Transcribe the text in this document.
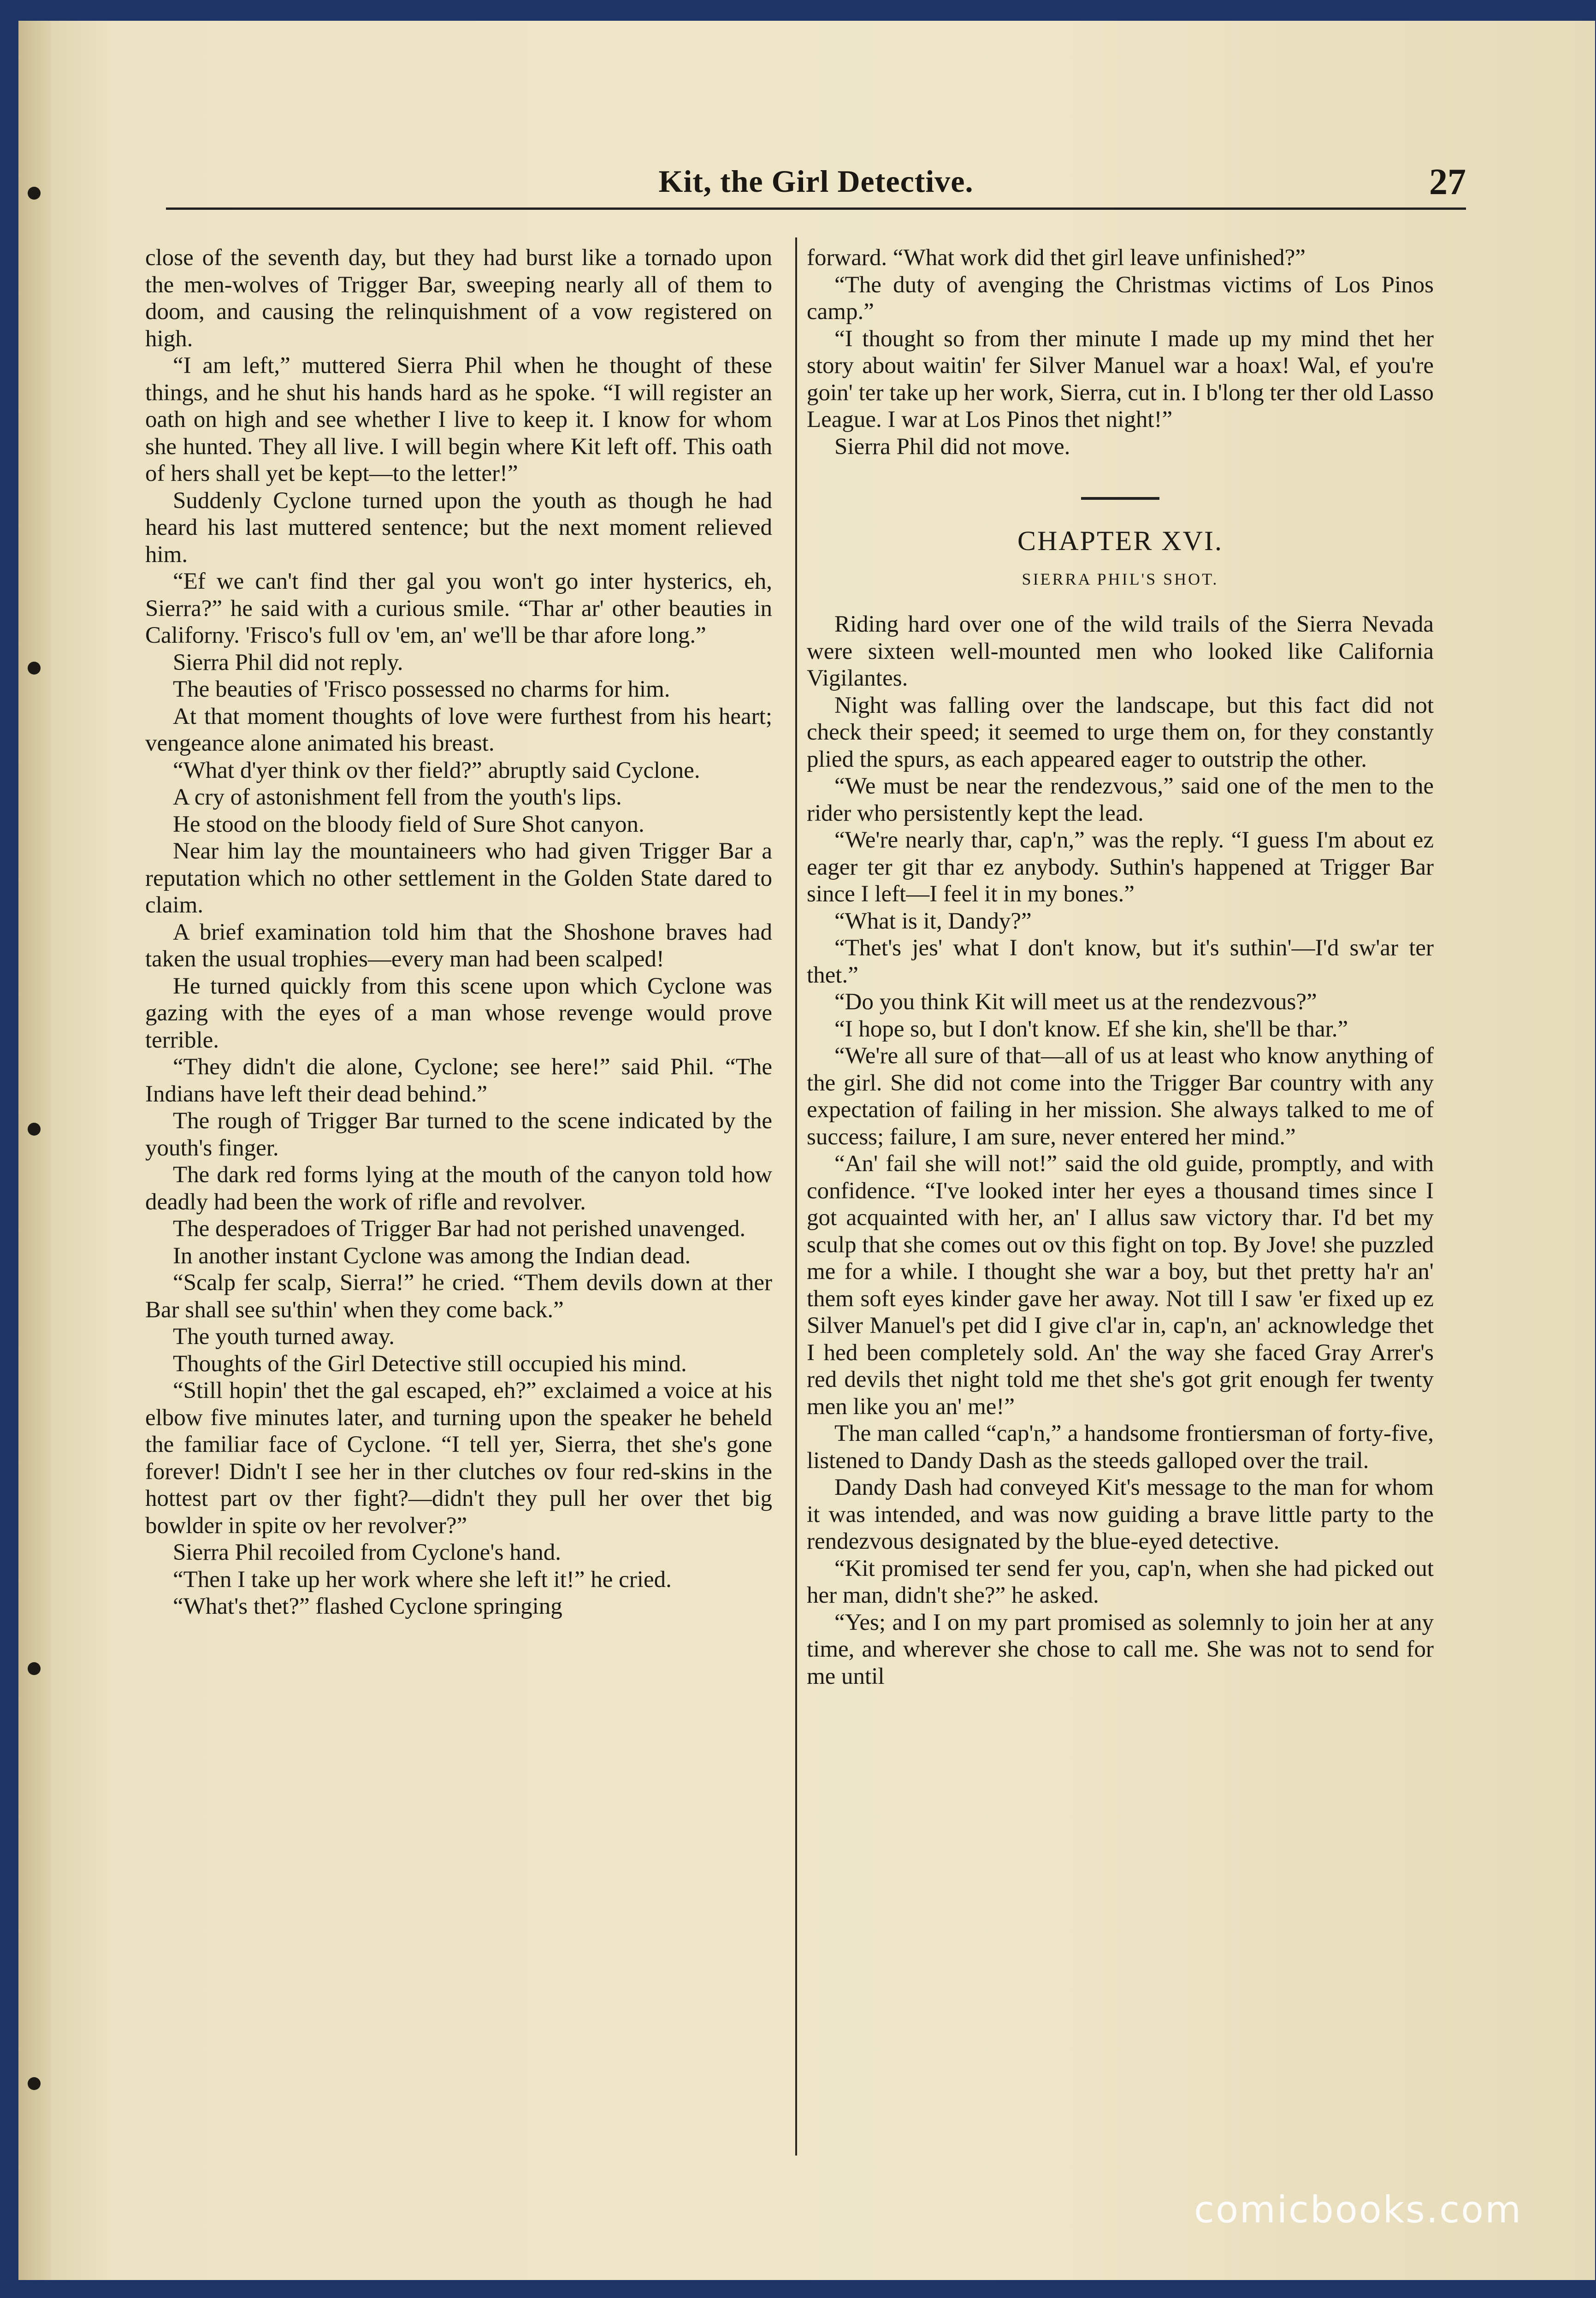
Kit, the Girl Detective.	27

close of the seventh day, but they had burst like a tornado upon the men-wolves of Trigger Bar, sweeping nearly all of them to doom, and causing the relinquishment of a vow registered on high.

“I am left,” muttered Sierra Phil when he thought of these things, and he shut his hands hard as he spoke. “I will register an oath on high and see whether I live to keep it. I know for whom she hunted. They all live. I will begin where Kit left off. This oath of hers shall yet be kept—to the letter!”

Suddenly Cyclone turned upon the youth as though he had heard his last muttered sentence; but the next moment relieved him.

“Ef we can't find ther gal you won't go inter hysterics, eh, Sierra?” he said with a curious smile. “Thar ar' other beauties in Californy. 'Frisco's full ov 'em, an' we'll be thar afore long.”

Sierra Phil did not reply.

The beauties of 'Frisco possessed no charms for him.

At that moment thoughts of love were furthest from his heart; vengeance alone animated his breast.

“What d'yer think ov ther field?” abruptly said Cyclone.

A cry of astonishment fell from the youth's lips.

He stood on the bloody field of Sure Shot canyon.

Near him lay the mountaineers who had given Trigger Bar a reputation which no other settlement in the Golden State dared to claim.

A brief examination told him that the Shoshone braves had taken the usual trophies—every man had been scalped!

He turned quickly from this scene upon which Cyclone was gazing with the eyes of a man whose revenge would prove terrible.

“They didn't die alone, Cyclone; see here!” said Phil. “The Indians have left their dead behind.”

The rough of Trigger Bar turned to the scene indicated by the youth's finger.

The dark red forms lying at the mouth of the canyon told how deadly had been the work of rifle and revolver.

The desperadoes of Trigger Bar had not perished unavenged.

In another instant Cyclone was among the Indian dead.

“Scalp fer scalp, Sierra!” he cried. “Them devils down at ther Bar shall see su'thin' when they come back.”

The youth turned away.

Thoughts of the Girl Detective still occupied his mind.

“Still hopin' thet the gal escaped, eh?” exclaimed a voice at his elbow five minutes later, and turning upon the speaker he beheld the familiar face of Cyclone. “I tell yer, Sierra, thet she's gone forever! Didn't I see her in ther clutches ov four red-skins in the hottest part ov ther fight?—didn't they pull her over thet big bowlder in spite ov her revolver?”

Sierra Phil recoiled from Cyclone's hand.

“Then I take up her work where she left it!” he cried.

“What's thet?” flashed Cyclone springing

forward. “What work did thet girl leave unfinished?”

“The duty of avenging the Christmas victims of Los Pinos camp.”

“I thought so from ther minute I made up my mind thet her story about waitin' fer Silver Manuel war a hoax! Wal, ef you're goin' ter take up her work, Sierra, cut in. I b'long ter ther old Lasso League. I war at Los Pinos thet night!”

Sierra Phil did not move.

CHAPTER XVI.
SIERRA PHIL'S SHOT.

Riding hard over one of the wild trails of the Sierra Nevada were sixteen well-mounted men who looked like California Vigilantes.

Night was falling over the landscape, but this fact did not check their speed; it seemed to urge them on, for they constantly plied the spurs, as each appeared eager to outstrip the other.

“We must be near the rendezvous,” said one of the men to the rider who persistently kept the lead.

“We're nearly thar, cap'n,” was the reply. “I guess I'm about ez eager ter git thar ez anybody. Suthin's happened at Trigger Bar since I left—I feel it in my bones.”

“What is it, Dandy?”

“Thet's jes' what I don't know, but it's suthin'—I'd sw'ar ter thet.”

“Do you think Kit will meet us at the rendezvous?”

“I hope so, but I don't know. Ef she kin, she'll be thar.”

“We're all sure of that—all of us at least who know anything of the girl. She did not come into the Trigger Bar country with any expectation of failing in her mission. She always talked to me of success; failure, I am sure, never entered her mind.”

“An' fail she will not!” said the old guide, promptly, and with confidence. “I've looked inter her eyes a thousand times since I got acquainted with her, an' I allus saw victory thar. I'd bet my sculp that she comes out ov this fight on top. By Jove! she puzzled me for a while. I thought she war a boy, but thet pretty ha'r an' them soft eyes kinder gave her away. Not till I saw 'er fixed up ez Silver Manuel's pet did I give cl'ar in, cap'n, an' acknowledge thet I hed been completely sold. An' the way she faced Gray Arrer's red devils thet night told me thet she's got grit enough fer twenty men like you an' me!”

The man called “cap'n,” a handsome frontiersman of forty-five, listened to Dandy Dash as the steeds galloped over the trail.

Dandy Dash had conveyed Kit's message to the man for whom it was intended, and was now guiding a brave little party to the rendezvous designated by the blue-eyed detective.

“Kit promised ter send fer you, cap'n, when she had picked out her man, didn't she?” he asked.

“Yes; and I on my part promised as solemnly to join her at any time, and wherever she chose to call me. She was not to send for me until

comicbooks.com
